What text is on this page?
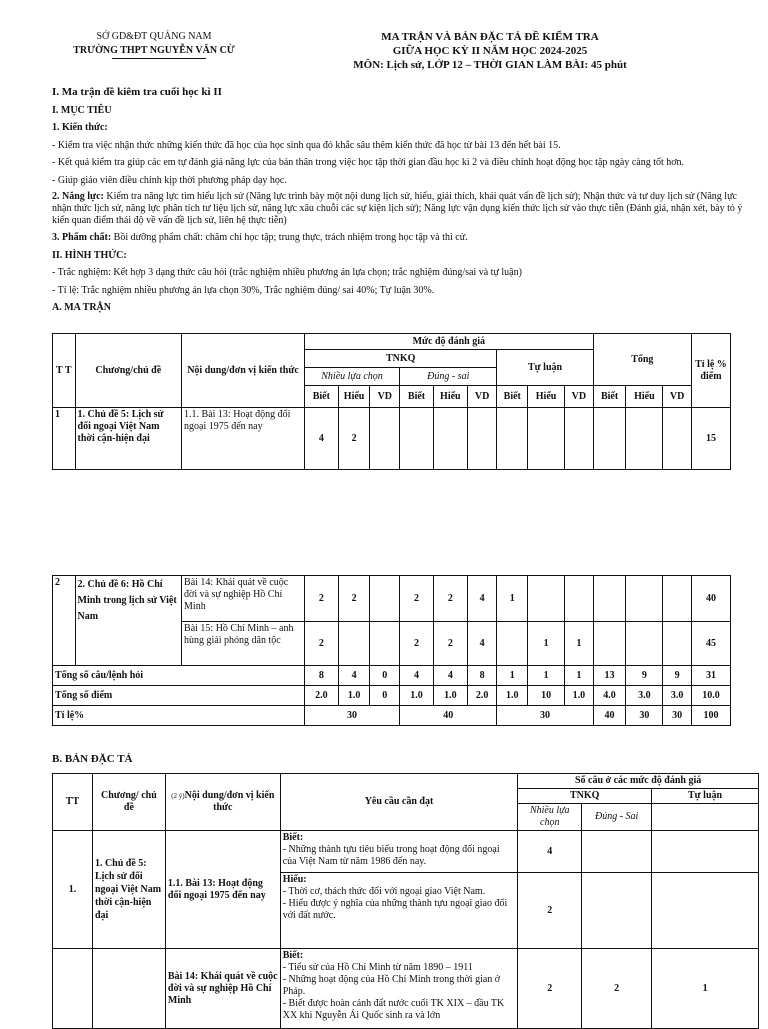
SỞ GD&ĐT QUẢNG NAM
TRƯỜNG THPT NGUYỄN VĂN CỪ
MA TRẬN VÀ BẢN ĐẶC TẢ ĐỀ KIỂM TRA
GIỮA HỌC KỲ II NĂM HỌC 2024-2025
MÔN: Lịch sử, LỚP 12 – THỜI GIAN LÀM BÀI: 45 phút
I. Ma trận đề kiêm tra cuối học kì II
I. MỤC TIÊU
1. Kiến thức:
- Kiểm tra việc nhận thức những kiến thức đã học của học sinh qua đó khắc sâu thêm kiến thức đã học từ bài 13 đến hết bài 15.
- Kết quả kiểm tra giúp các em tự đánh giá năng lực của bản thân trong việc học tập thời gian đầu học kì 2 và điều chỉnh hoạt động học tập ngày càng tốt hơn.
- Giúp giáo viên điều chỉnh kịp thời phương pháp dạy học.
2. Năng lực: Kiểm tra năng lực tìm hiểu lịch sử (Năng lực trình bày một nội dung lịch sử, hiểu, giải thích, khái quát vấn đề lịch sử); Nhận thức và tư duy lịch sử (Năng lực nhận thức lịch sử, năng lực phân tích tư liệu lịch sử, năng lực xâu chuỗi các sự kiện lịch sử); Năng lực vận dụng kiến thức lịch sử vào thực tiễn (Đánh giá, nhận xét, bày tỏ ý kiến quan điểm thái độ về vấn đề lịch sử, liên hệ thực tiễn)
3. Phẩm chất: Bồi dưỡng phẩm chất: chăm chỉ học tập; trung thực, trách nhiệm trong học tập và thi cử.
II. HÌNH THỨC:
- Trắc nghiệm: Kết hợp 3 dạng thức câu hỏi (trắc nghiệm nhiều phương án lựa chọn; trắc nghiệm đúng/sai và tự luận)
- Tỉ lệ: Trắc nghiệm nhiều phương án lựa chọn 30%, Trắc nghiệm đúng/ sai 40%; Tự luận 30%.
A. MA TRẬN
T T	Chương/chủ đề	Nội dung/đơn vị kiến thức	Mức độ đánh giá									Tổng			Tỉ lệ % điểm
			TNKQ						Tự luận						
			Nhiều lựa chọn			Đúng - sai									
			Biết	Hiểu	VD	Biết	Hiểu	VD	Biết	Hiểu	VD	Biết	Hiểu	VD	
1	1. Chủ đề 5: Lịch sử đối ngoại Việt Nam thời cận-hiện đại	1.1. Bài 13: Hoạt động đối ngoại 1975 đến nay	4	2											15
2	2. Chủ đề 6: Hồ Chí Minh trong lịch sử Việt Nam	Bài 14: Khái quát về cuộc đời và sự nghiệp Hồ Chí Minh	2	2		2	2	4	1						40
		Bài 15: Hồ Chí Minh – anh hùng giải phóng dân tộc	2			2	2	4		1	1				45
Tổng số câu/lệnh hỏi			8	4	0	4	4	8	1	1	1	13	9	9	31
Tổng số điểm			2.0	1.0	0	1.0	1.0	2.0	1.0	10	1.0	4.0	3.0	3.0	10.0
Tỉ lệ%			30			40			30			40	30	30	100
B. BẢN ĐẶC TẢ
TT	Chương/ chủ đề	(2 ý)Nội dung/đơn vị kiến thức	Yêu cầu cần đạt	Số câu ở các mức độ đánh giá		
				TNKQ		Tự luận
				Nhiều lựa chọn	Đúng - Sai	
1.	1. Chủ đề 5: Lịch sử đối ngoại Việt Nam thời cận-hiện đại	1.1. Bài 13: Hoạt động đối ngoại 1975 đến nay	Biết:
- Những thành tựu tiêu biểu trong hoạt động đối ngoại của Việt Nam từ năm 1986 đến nay.	4		

			Hiểu:
- Thời cơ, thách thức đối với ngoại giao Việt Nam.
- Hiểu được ý nghĩa của những thành tựu ngoại giao đối với đất nước.	2		
		Bài 14: Khái quát về cuộc đời và sự nghiệp Hồ Chí Minh	Biết:
- Tiểu sử của Hồ Chí Minh từ năm 1890 – 1911
- Những hoạt động của Hồ Chí Minh trong thời gian ở Pháp.
- Biết được hoàn cảnh đất nước cuối TK XIX – đầu TK XX khi Nguyễn Ái Quốc sinh ra và lớn	2	2	1
